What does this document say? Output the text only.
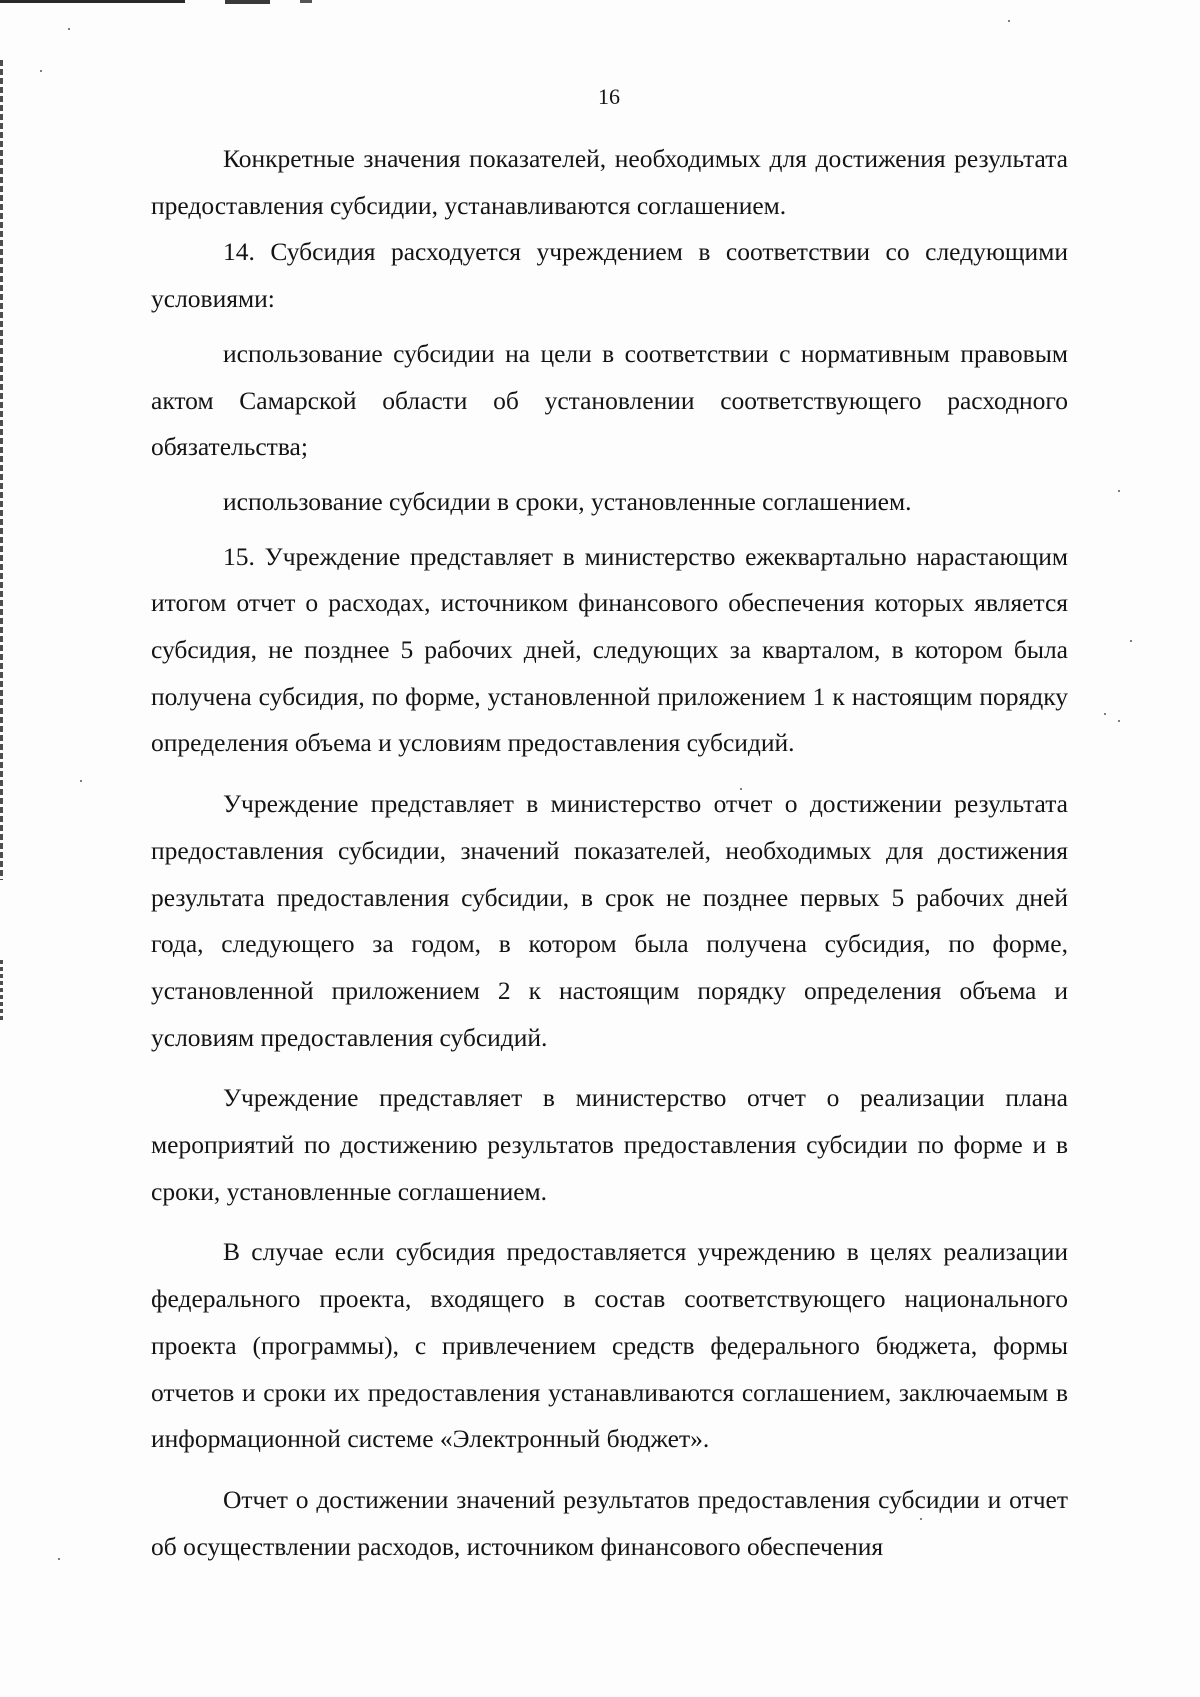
16

Конкретные значения показателей, необходимых для достижения результата предоставления субсидии, устанавливаются соглашением.

14. Субсидия расходуется учреждением в соответствии со следующими условиями:

использование субсидии на цели в соответствии с нормативным правовым актом Самарской области об установлении соответствующего расходного обязательства;

использование субсидии в сроки, установленные соглашением.

15. Учреждение представляет в министерство ежеквартально нарастающим итогом отчет о расходах, источником финансового обеспечения которых является субсидия, не позднее 5 рабочих дней, следующих за кварталом, в котором была получена субсидия, по форме, установленной приложением 1 к настоящим порядку определения объема и условиям предоставления субсидий.

Учреждение представляет в министерство отчет о достижении результата предоставления субсидии, значений показателей, необходимых для достижения результата предоставления субсидии, в срок не позднее первых 5 рабочих дней года, следующего за годом, в котором была получена субсидия, по форме, установленной приложением 2 к настоящим порядку определения объема и условиям предоставления субсидий.

Учреждение представляет в министерство отчет о реализации плана мероприятий по достижению результатов предоставления субсидии по форме и в сроки, установленные соглашением.

В случае если субсидия предоставляется учреждению в целях реализации федерального проекта, входящего в состав соответствующего национального проекта (программы), с привлечением средств федерального бюджета, формы отчетов и сроки их предоставления устанавливаются соглашением, заключаемым в информационной системе «Электронный бюджет».

Отчет о достижении значений результатов предоставления субсидии и отчет об осуществлении расходов, источником финансового обеспечения
